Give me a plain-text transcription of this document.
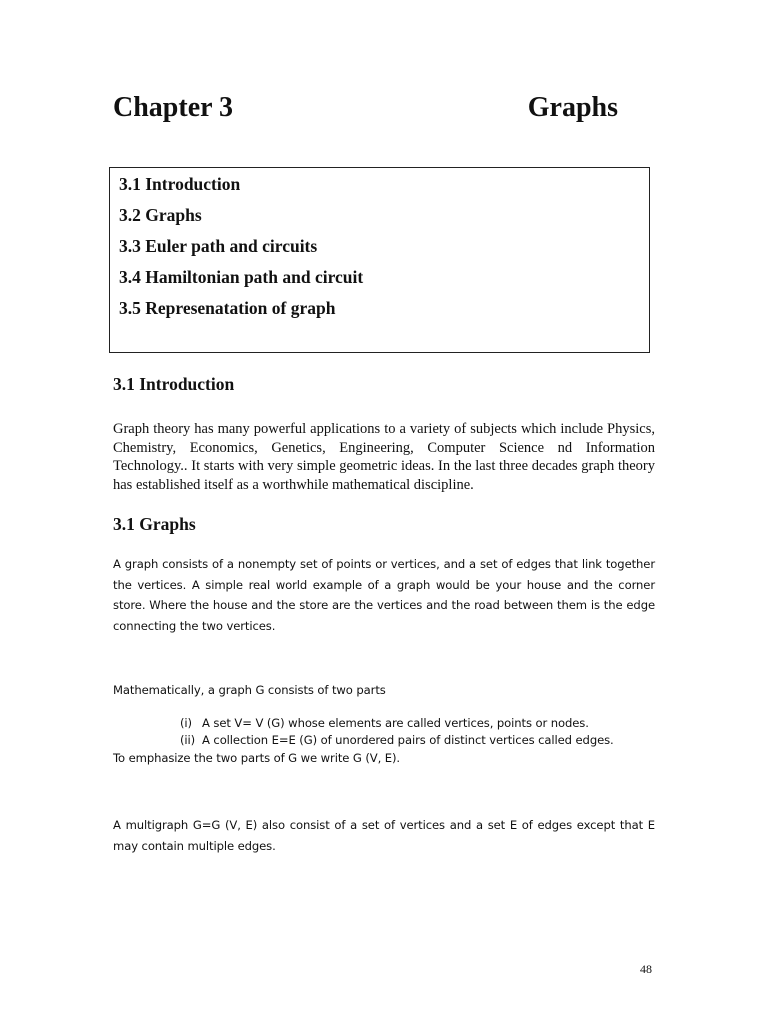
Chapter 3	Graphs
3.1 Introduction
3.2 Graphs
3.3 Euler path and circuits
3.4 Hamiltonian path and circuit
3.5 Represenatation of graph
3.1 Introduction

Graph theory has many powerful applications to a variety of subjects which include Physics, Chemistry, Economics, Genetics, Engineering, Computer Science nd Information Technology.. It starts with very simple geometric ideas. In the last three decades graph theory has established itself as a worthwhile mathematical discipline.

3.1 Graphs

A graph consists of a nonempty set of points or vertices, and a set of edges that link together the vertices. A simple real world example of a graph would be your house and the corner store. Where the house and the store are the vertices and the road between them is the edge connecting the two vertices.

Mathematically, a graph G consists of two parts
(i) A set V= V (G) whose elements are called vertices, points or nodes.
(ii) A collection E=E (G) of unordered pairs of distinct vertices called edges.
To emphasize the two parts of G we write G (V, E).

A multigraph G=G (V, E) also consist of a set of vertices and a set E of edges except that E may contain multiple edges.

48
